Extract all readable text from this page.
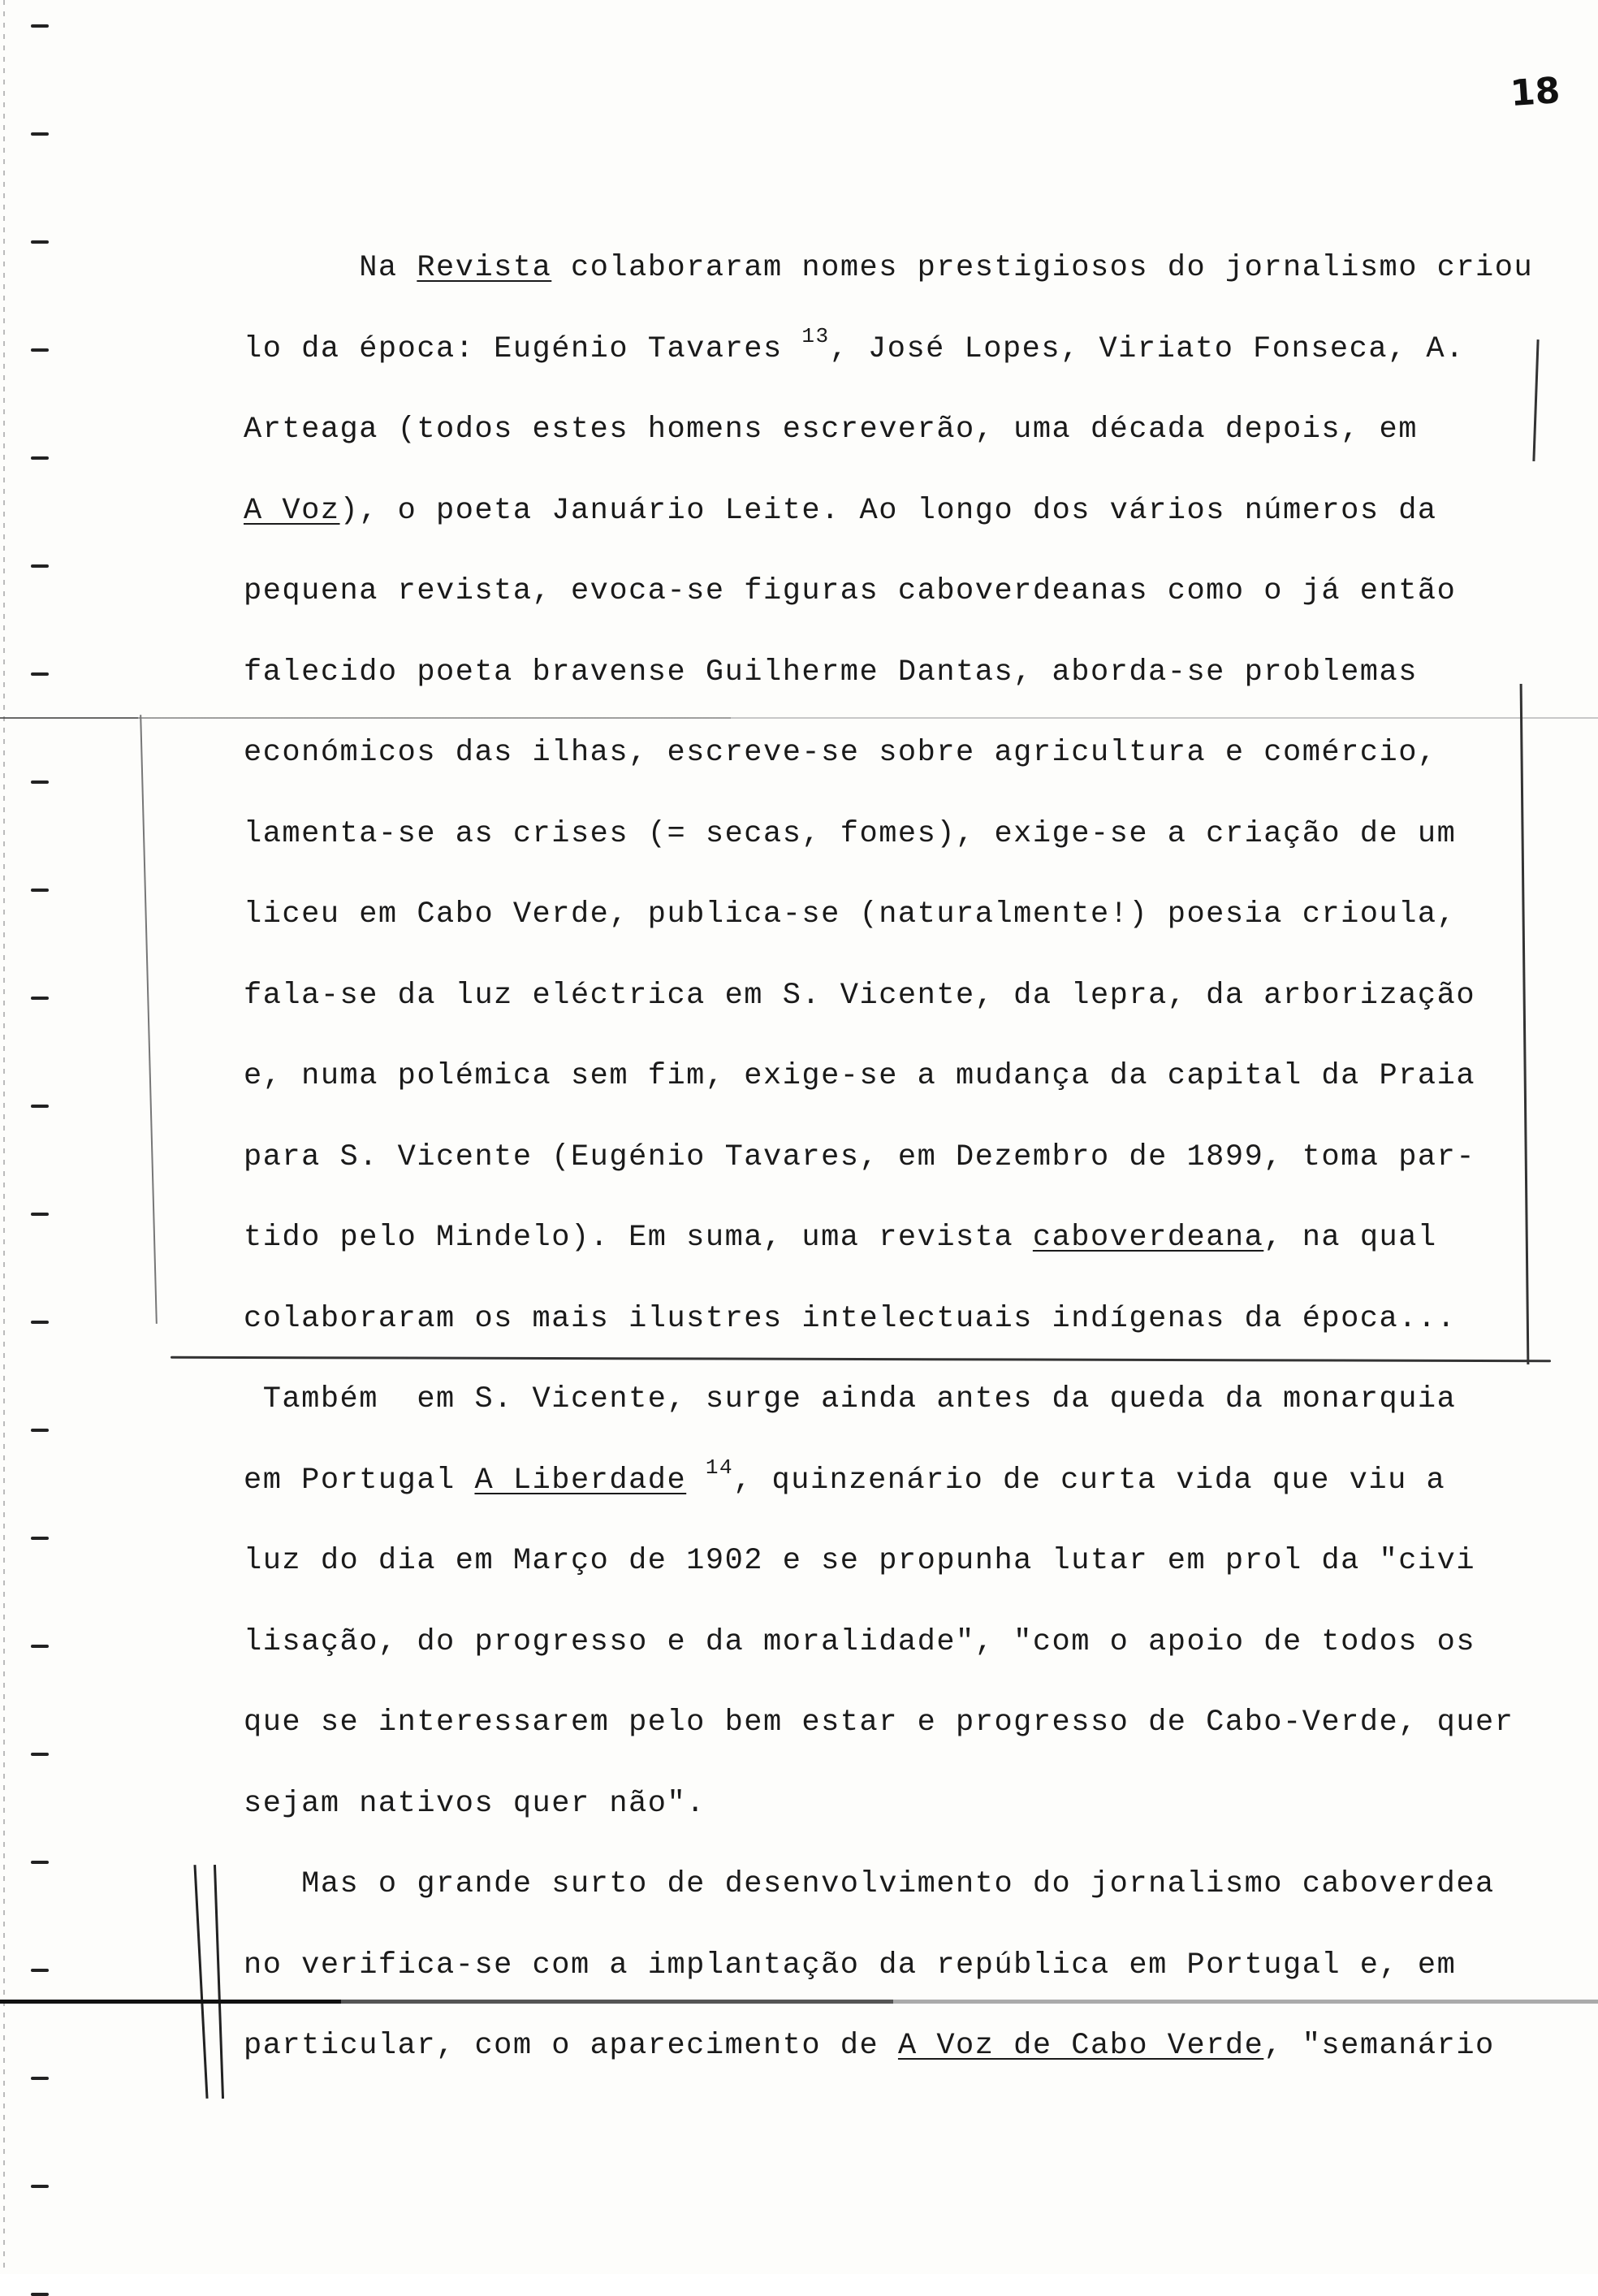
18
Na Revista colaboraram nomes prestigiosos do jornalismo criou
lo da época: Eugénio Tavares $^{13}$, José Lopes, Viriato Fonseca, A.
Arteaga (todos estes homens escreverão, uma década depois, em
A Voz), o poeta Januário Leite. Ao longo dos vários números da
pequena revista, evoca-se figuras caboverdeanas como o já então
falecido poeta bravense Guilherme Dantas, aborda-se problemas
económicos das ilhas, escreve-se sobre agricultura e comércio,
lamenta-se as crises (= secas, fomes), exige-se a criação de um
liceu em Cabo Verde, publica-se (naturalmente!) poesia crioula,
fala-se da luz eléctrica em S. Vicente, da lepra, da arborização
e, numa polémica sem fim, exige-se a mudança da capital da Praia
para S. Vicente (Eugénio Tavares, em Dezembro de 1899, toma par-
tido pelo Mindelo). Em suma, uma revista caboverdeana, na qual
colaboraram os mais ilustres intelectuais indígenas da época...
Também  em S. Vicente, surge ainda antes da queda da monarquia
em Portugal A Liberdade $^{14}$, quinzenário de curta vida que viu a
luz do dia em Março de 1902 e se propunha lutar em prol da "civi
lisação, do progresso e da moralidade", "com o apoio de todos os
que se interessarem pelo bem estar e progresso de Cabo-Verde, quer
sejam nativos quer não".
Mas o grande surto de desenvolvimento do jornalismo caboverdea
no verifica-se com a implantação da república em Portugal e, em
particular, com o aparecimento de A Voz de Cabo Verde, "semanário
